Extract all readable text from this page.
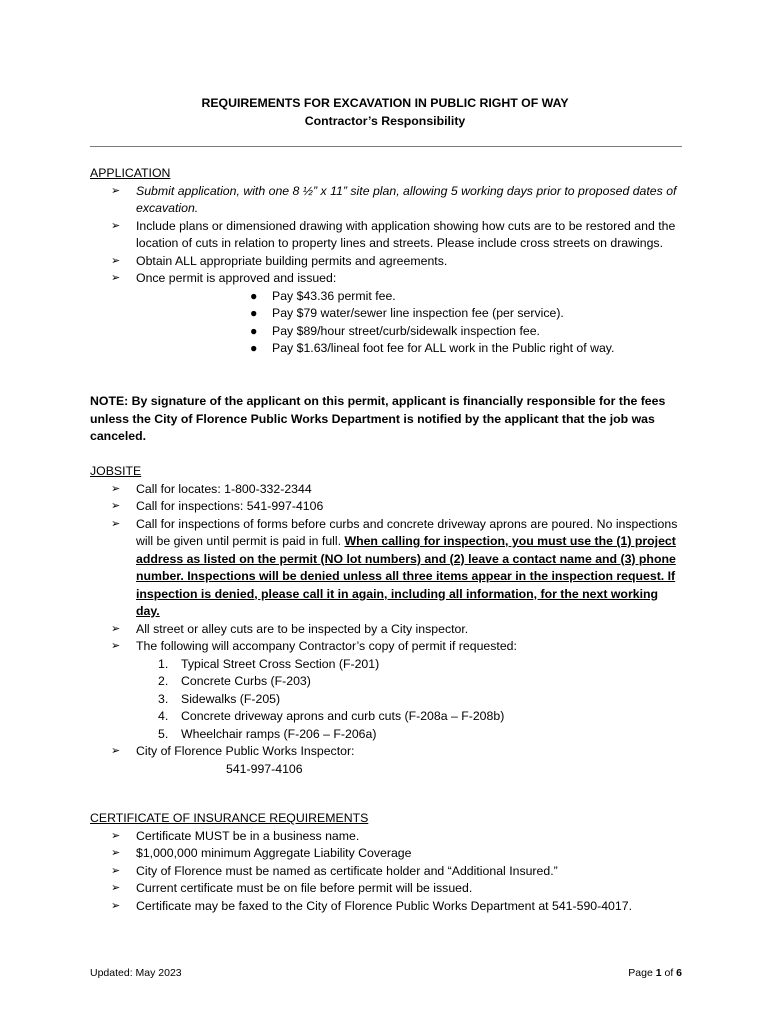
REQUIREMENTS FOR EXCAVATION IN PUBLIC RIGHT OF WAY
Contractor’s Responsibility
APPLICATION
➢ Submit application, with one 8 ½” x 11” site plan, allowing 5 working days prior to proposed dates of excavation.
➢ Include plans or dimensioned drawing with application showing how cuts are to be restored and the location of cuts in relation to property lines and streets. Please include cross streets on drawings.
➢ Obtain ALL appropriate building permits and agreements.
➢ Once permit is approved and issued:
● Pay $43.36 permit fee.
● Pay $79 water/sewer line inspection fee (per service).
● Pay $89/hour street/curb/sidewalk inspection fee.
● Pay $1.63/lineal foot fee for ALL work in the Public right of way.
NOTE: By signature of the applicant on this permit, applicant is financially responsible for the fees unless the City of Florence Public Works Department is notified by the applicant that the job was canceled.
JOBSITE
➢ Call for locates: 1-800-332-2344
➢ Call for inspections: 541-997-4106
➢ Call for inspections of forms before curbs and concrete driveway aprons are poured. No inspections will be given until permit is paid in full. When calling for inspection, you must use the (1) project address as listed on the permit (NO lot numbers) and (2) leave a contact name and (3) phone number. Inspections will be denied unless all three items appear in the inspection request. If inspection is denied, please call it in again, including all information, for the next working day.
➢ All street or alley cuts are to be inspected by a City inspector.
➢ The following will accompany Contractor’s copy of permit if requested:
1. Typical Street Cross Section (F-201)
2. Concrete Curbs (F-203)
3. Sidewalks (F-205)
4. Concrete driveway aprons and curb cuts (F-208a – F-208b)
5. Wheelchair ramps (F-206 – F-206a)
➢ City of Florence Public Works Inspector:
541-997-4106
CERTIFICATE OF INSURANCE REQUIREMENTS
➢ Certificate MUST be in a business name.
➢ $1,000,000 minimum Aggregate Liability Coverage
➢ City of Florence must be named as certificate holder and “Additional Insured.”
➢ Current certificate must be on file before permit will be issued.
➢ Certificate may be faxed to the City of Florence Public Works Department at 541-590-4017.
Updated: May 2023	Page 1 of 6
